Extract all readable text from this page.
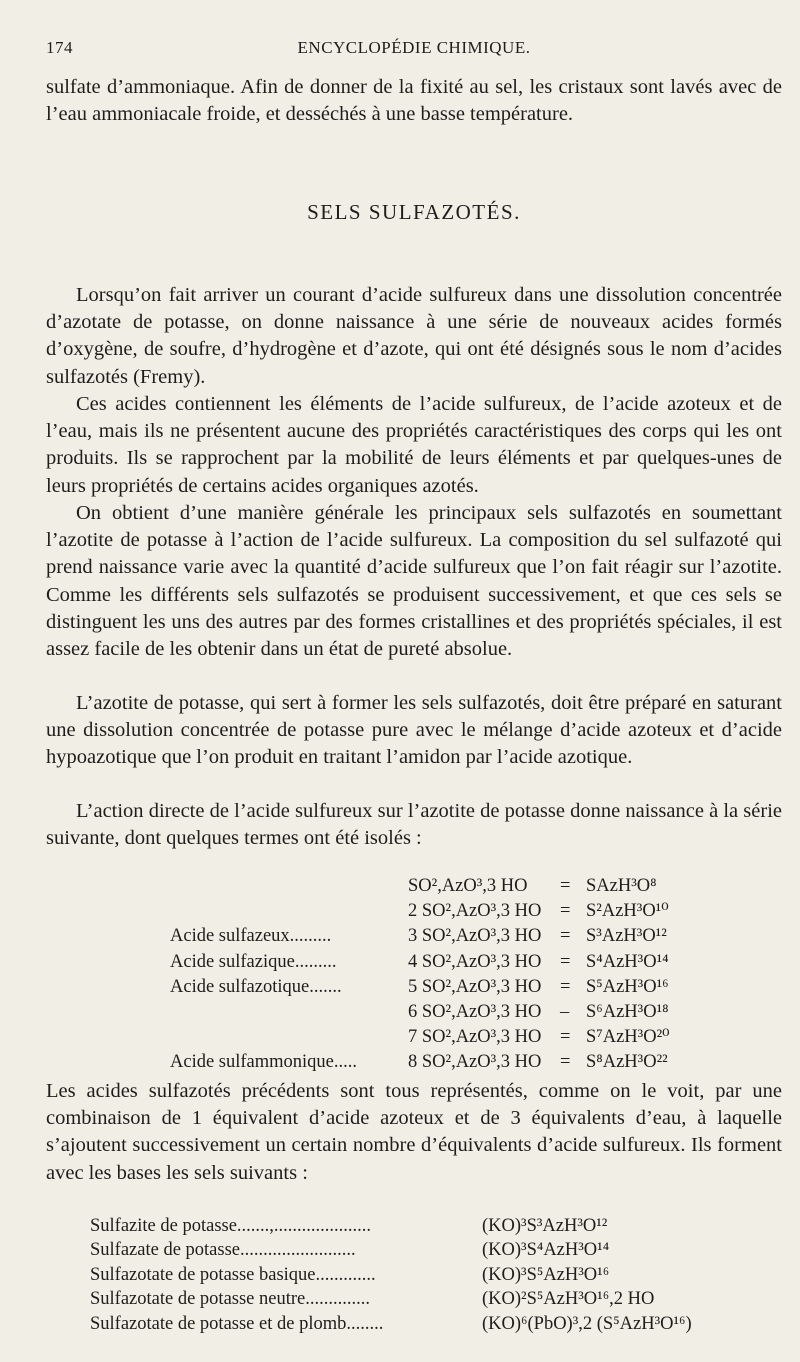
174	ENCYCLOPÉDIE CHIMIQUE.

sulfate d’ammoniaque. Afin de donner de la fixité au sel, les cristaux sont lavés avec de l’eau ammoniacale froide, et desséchés à une basse température.

SELS SULFAZOTÉS.

Lorsqu’on fait arriver un courant d’acide sulfureux dans une dissolution concentrée d’azotate de potasse, on donne naissance à une série de nouveaux acides formés d’oxygène, de soufre, d’hydrogène et d’azote, qui ont été désignés sous le nom d’acides sulfazotés (Fremy).

Ces acides contiennent les éléments de l’acide sulfureux, de l’acide azoteux et de l’eau, mais ils ne présentent aucune des propriétés caractéristiques des corps qui les ont produits. Ils se rapprochent par la mobilité de leurs éléments et par quelques-unes de leurs propriétés de certains acides organiques azotés.

On obtient d’une manière générale les principaux sels sulfazotés en soumettant l’azotite de potasse à l’action de l’acide sulfureux. La composition du sel sulfazoté qui prend naissance varie avec la quantité d’acide sulfureux que l’on fait réagir sur l’azotite. Comme les différents sels sulfazotés se produisent successivement, et que ces sels se distinguent les uns des autres par des formes cristallines et des propriétés spéciales, il est assez facile de les obtenir dans un état de pureté absolue.

L’azotite de potasse, qui sert à former les sels sulfazotés, doit être préparé en saturant une dissolution concentrée de potasse pure avec le mélange d’acide azoteux et d’acide hypoazotique que l’on produit en traitant l’amidon par l’acide azotique.

L’action directe de l’acide sulfureux sur l’azotite de potasse donne naissance à la série suivante, dont quelques termes ont été isolés :

SO²,AzO³,3 HO = SAzH³O⁸
2 SO²,AzO³,3 HO = S²AzH³O¹⁰
Acide sulfazeux.........	3 SO²,AzO³,3 HO = S³AzH³O¹²
Acide sulfazique.........	4 SO²,AzO³,3 HO = S⁴AzH³O¹⁴
Acide sulfazotique.......	5 SO²,AzO³,3 HO = S⁵AzH³O¹⁶
6 SO²,AzO³,3 HO – S⁶AzH³O¹⁸
7 SO²,AzO³,3 HO = S⁷AzH³O²⁰
Acide sulfammonique.....	8 SO²,AzO³,3 HO = S⁸AzH³O²²

Les acides sulfazotés précédents sont tous représentés, comme on le voit, par une combinaison de 1 équivalent d’acide azoteux et de 3 équivalents d’eau, à laquelle s’ajoutent successivement un certain nombre d’équivalents d’acide sulfureux. Ils forment avec les bases les sels suivants :

Sulfazite de potasse.......,.....................	(KO)³S³AzH³O¹²
Sulfazate de potasse.........................	(KO)³S⁴AzH³O¹⁴
Sulfazotate de potasse basique.............	(KO)³S⁵AzH³O¹⁶
Sulfazotate de potasse neutre..............	(KO)²S⁵AzH³O¹⁶,2 HO
Sulfazotate de potasse et de plomb........	(KO)⁶(PbO)³,2 (S⁵AzH³O¹⁶)
